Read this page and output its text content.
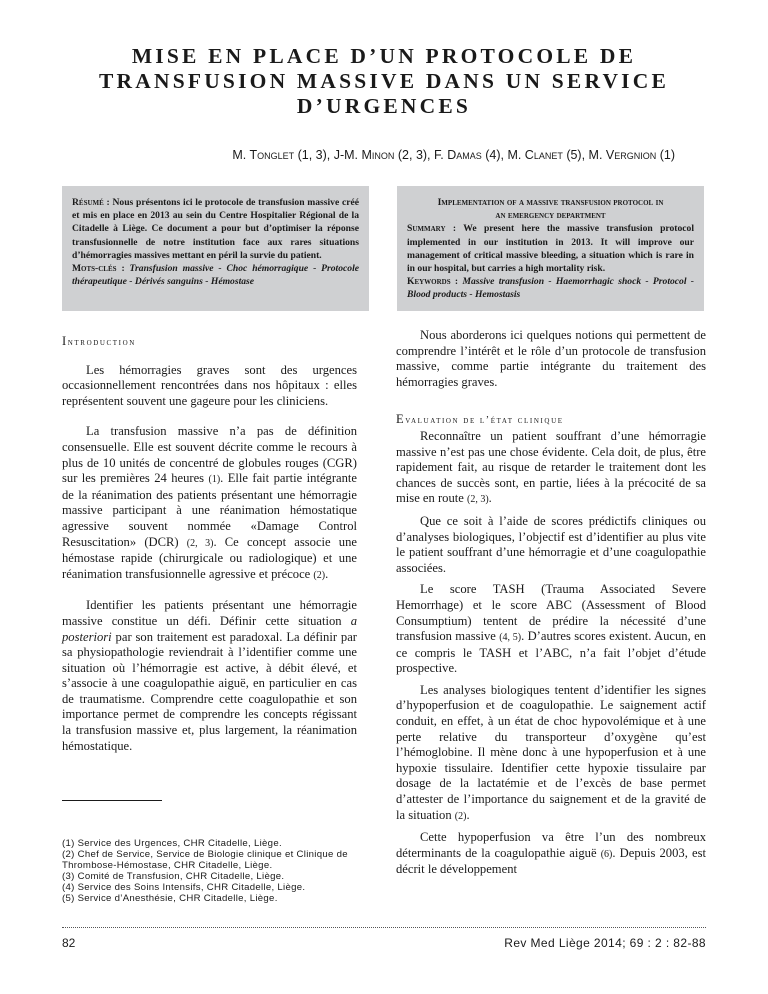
MISE EN PLACE D’UN PROTOCOLE DE
TRANSFUSION MASSIVE DANS UN SERVICE
D’URGENCES
M. Tonglet (1, 3), J-M. Minon (2, 3), F. Damas (4), M. Clanet (5), M. Vergnion (1)

Résumé : Nous présentons ici le protocole de transfusion massive créé et mis en place en 2013 au sein du Centre Hospitalier Régional de la Citadelle à Liège. Ce document a pour but d’optimiser la réponse transfusionnelle de notre institution face aux rares situations d’hémorragies massives mettant en péril la survie du patient.

Mots-clés : Transfusion massive - Choc hémorragique - Protocole thérapeutique - Dérivés sanguins - Hémostase

Implementation of a massive transfusion protocol in
an emergency department

Summary : We present here the massive transfusion protocol implemented in our institution in 2013. It will improve our management of critical massive bleeding, a situation which is rare in in our hospital, but carries a high mortality risk.

Keywords : Massive transfusion - Haemorrhagic shock - Protocol - Blood products - Hemostasis

Introduction

Les hémorragies graves sont des urgences occasionnellement rencontrées dans nos hôpitaux : elles représentent souvent une gageure pour les cliniciens.

La transfusion massive n’a pas de définition consensuelle. Elle est souvent décrite comme le recours à plus de 10 unités de concentré de globules rouges (CGR) sur les premières 24 heures (1). Elle fait partie intégrante de la réanimation des patients présentant une hémorragie massive participant à une réanimation hémostatique agressive souvent nommée «Damage Control Resuscitation» (DCR) (2, 3). Ce concept associe une hémostase rapide (chirurgicale ou radiologique) et une réanimation transfusionnelle agressive et précoce (2).

Identifier les patients présentant une hémorragie massive constitue un défi. Définir cette situation a posteriori par son traitement est paradoxal. La définir par sa physiopathologie reviendrait à l’identifier comme une situation où l’hémorragie est active, à débit élevé, et s’associe à une coagulopathie aiguë, en particulier en cas de traumatisme. Comprendre cette coagulopathie et son importance permet de comprendre les concepts régissant la transfusion massive et, plus largement, la réanimation hémostatique.

(1) Service des Urgences, CHR Citadelle, Liège.
(2) Chef de Service, Service de Biologie clinique et Clinique de Thrombose-Hémostase, CHR Citadelle, Liège.
(3) Comité de Transfusion, CHR Citadelle, Liège.
(4) Service des Soins Intensifs, CHR Citadelle, Liège.
(5) Service d’Anesthésie, CHR Citadelle, Liège.

Nous aborderons ici quelques notions qui permettent de comprendre l’intérêt et le rôle d’un protocole de transfusion massive, comme partie intégrante du traitement des hémorragies graves.

Evaluation de l’état clinique

Reconnaître un patient souffrant d’une hémorragie massive n’est pas une chose évidente. Cela doit, de plus, être rapidement fait, au risque de retarder le traitement dont les chances de succès sont, en partie, liées à la précocité de sa mise en route (2, 3).

Que ce soit à l’aide de scores prédictifs cliniques ou d’analyses biologiques, l’objectif est d’identifier au plus vite le patient souffrant d’une hémorragie et d’une coagulopathie associées.

Le score TASH (Trauma Associated Severe Hemorrhage) et le score ABC (Assessment of Blood Consumptium) tentent de prédire la nécessité d’une transfusion massive (4, 5). D’autres scores existent. Aucun, en ce compris le TASH et l’ABC, n’a fait l’objet d’étude prospective.

Les analyses biologiques tentent d’identifier les signes d’hypoperfusion et de coagulopathie. Le saignement actif conduit, en effet, à un état de choc hypovolémique et à une perte relative du transporteur d’oxygène qu’est l’hémoglobine. Il mène donc à une hypoperfusion et à une hypoxie tissulaire. Identifier cette hypoxie tissulaire par dosage de la lactatémie et de l’excès de base permet d’attester de l’importance du saignement et de la gravité de la situation (2).

Cette hypoperfusion va être l’un des nombreux déterminants de la coagulopathie aiguë (6). Depuis 2003, est décrit le développement

82	Rev Med Liège 2014; 69 : 2 : 82-88
